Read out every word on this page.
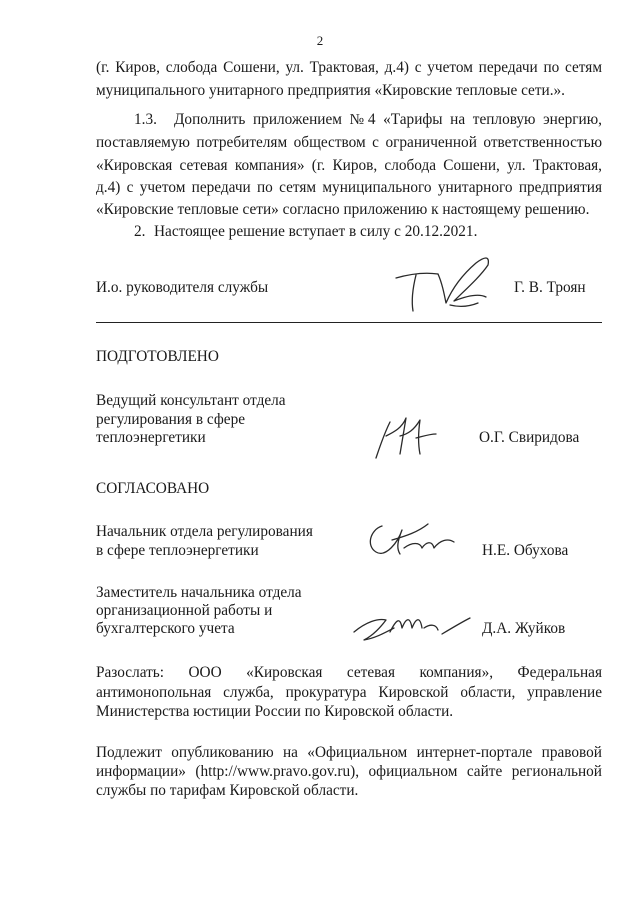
2
(г. Киров, слобода Сошени, ул. Трактовая, д.4) с учетом передачи по сетям
муниципального унитарного предприятия «Кировские тепловые сети.».
1.3. Дополнить приложением №4 «Тарифы на тепловую энергию,
поставляемую потребителям обществом с ограниченной ответственностью
«Кировская сетевая компания» (г. Киров, слобода Сошени, ул. Трактовая,
д.4) с учетом передачи по сетям муниципального унитарного предприятия
«Кировские тепловые сети» согласно приложению к настоящему решению.
2. Настоящее решение вступает в силу с 20.12.2021.
И.о. руководителя службы	Г. В. Троян
ПОДГОТОВЛЕНО
Ведущий консультант отдела
регулирования в сфере
теплоэнергетики	О.Г. Свиридова
СОГЛАСОВАНО
Начальник отдела регулирования
в сфере теплоэнергетики	Н.Е. Обухова
Заместитель начальника отдела
организационной работы и
бухгалтерского учета	Д.А. Жуйков
Разослать: ООО «Кировская сетевая компания», Федеральная
антимонопольная служба, прокуратура Кировской области, управление
Министерства юстиции России по Кировской области.
Подлежит опубликованию на «Официальном интернет-портале правовой
информации» (http://www.pravo.gov.ru), официальном сайте региональной
службы по тарифам Кировской области.
